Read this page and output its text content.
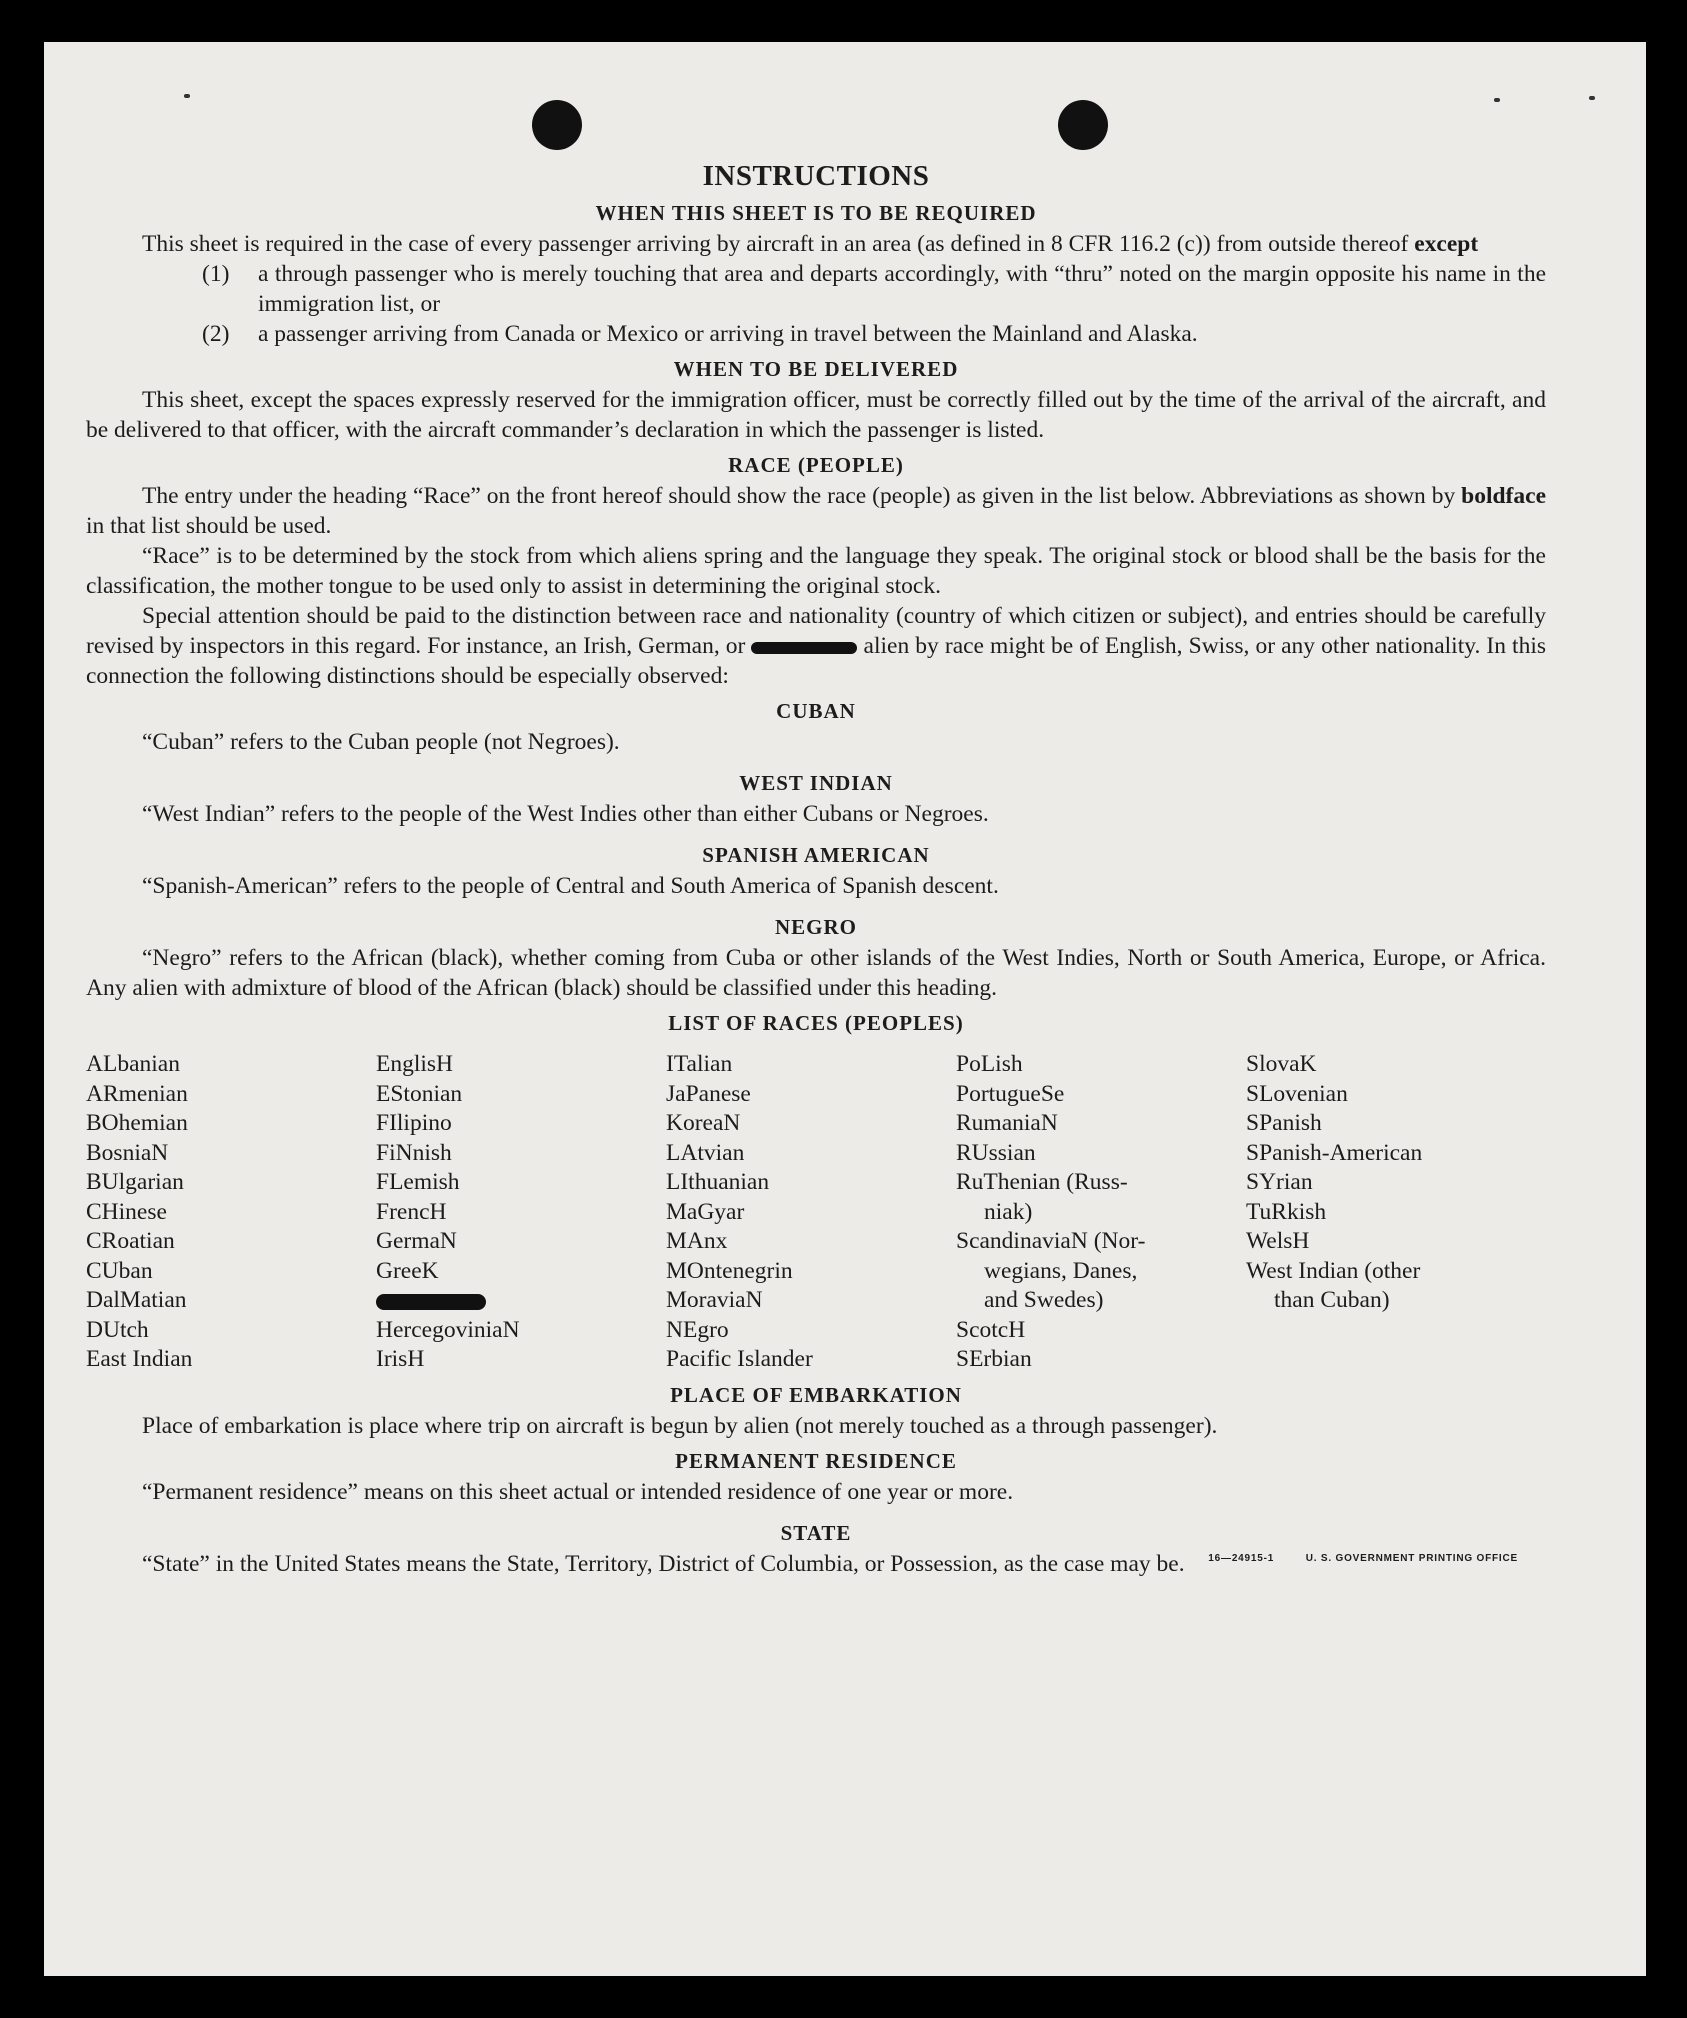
INSTRUCTIONS
WHEN THIS SHEET IS TO BE REQUIRED

This sheet is required in the case of every passenger arriving by aircraft in an area (as defined in 8 CFR 116.2 (c)) from outside thereof except

(1)	a through passenger who is merely touching that area and departs accordingly, with “thru” noted on the margin opposite his name in the immigration list, or
(2)	a passenger arriving from Canada or Mexico or arriving in travel between the Mainland and Alaska.
WHEN TO BE DELIVERED

This sheet, except the spaces expressly reserved for the immigration officer, must be correctly filled out by the time of the arrival of the aircraft, and be delivered to that officer, with the aircraft commander’s declaration in which the passenger is listed.

RACE (PEOPLE)

The entry under the heading “Race” on the front hereof should show the race (people) as given in the list below. Abbreviations as shown by boldface in that list should be used.

“Race” is to be determined by the stock from which aliens spring and the language they speak. The original stock or blood shall be the basis for the classification, the mother tongue to be used only to assist in determining the original stock.

Special attention should be paid to the distinction between race and nationality (country of which citizen or subject), and entries should be carefully revised by inspectors in this regard. For instance, an Irish, German, or	alien by race might be of English, Swiss, or any other nationality. In this connection the following distinctions should be especially observed:

CUBAN

“Cuban” refers to the Cuban people (not Negroes).

WEST INDIAN

“West Indian” refers to the people of the West Indies other than either Cubans or Negroes.

SPANISH AMERICAN

“Spanish-American” refers to the people of Central and South America of Spanish descent.

NEGRO

“Negro” refers to the African (black), whether coming from Cuba or other islands of the West Indies, North or South America, Europe, or Africa. Any alien with admixture of blood of the African (black) should be classified under this heading.

LIST OF RACES (PEOPLES)
ALbanian
ARmenian
BOhemian
BosniaN
BUlgarian
CHinese
CRoatian
CUban
DalMatian
DUtch
East Indian
EnglisH
EStonian
FIlipino
FiNnish
FLemish
FrencH
GermaN
GreeK
HercegoviniaN
IrisH
ITalian
JaPanese
KoreaN
LAtvian
LIthuanian
MaGyar
MAnx
MOntenegrin
MoraviaN
NEgro
Pacific Islander
PoLish
PortugueSe
RumaniaN
RUssian
RuThenian (Russ-
niak)
ScandinaviaN (Nor-
wegians, Danes,
and Swedes)
ScotcH
SErbian
SlovaK
SLovenian
SPanish
SPanish-American
SYrian
TuRkish
WelsH
West Indian (other
than Cuban)
PLACE OF EMBARKATION

Place of embarkation is place where trip on aircraft is begun by alien (not merely touched as a through passenger).

PERMANENT RESIDENCE

“Permanent residence” means on this sheet actual or intended residence of one year or more.

STATE

“State” in the United States means the State, Territory, District of Columbia, or Possession, as the case may be.	16—24915-1	U. S. GOVERNMENT PRINTING OFFICE
